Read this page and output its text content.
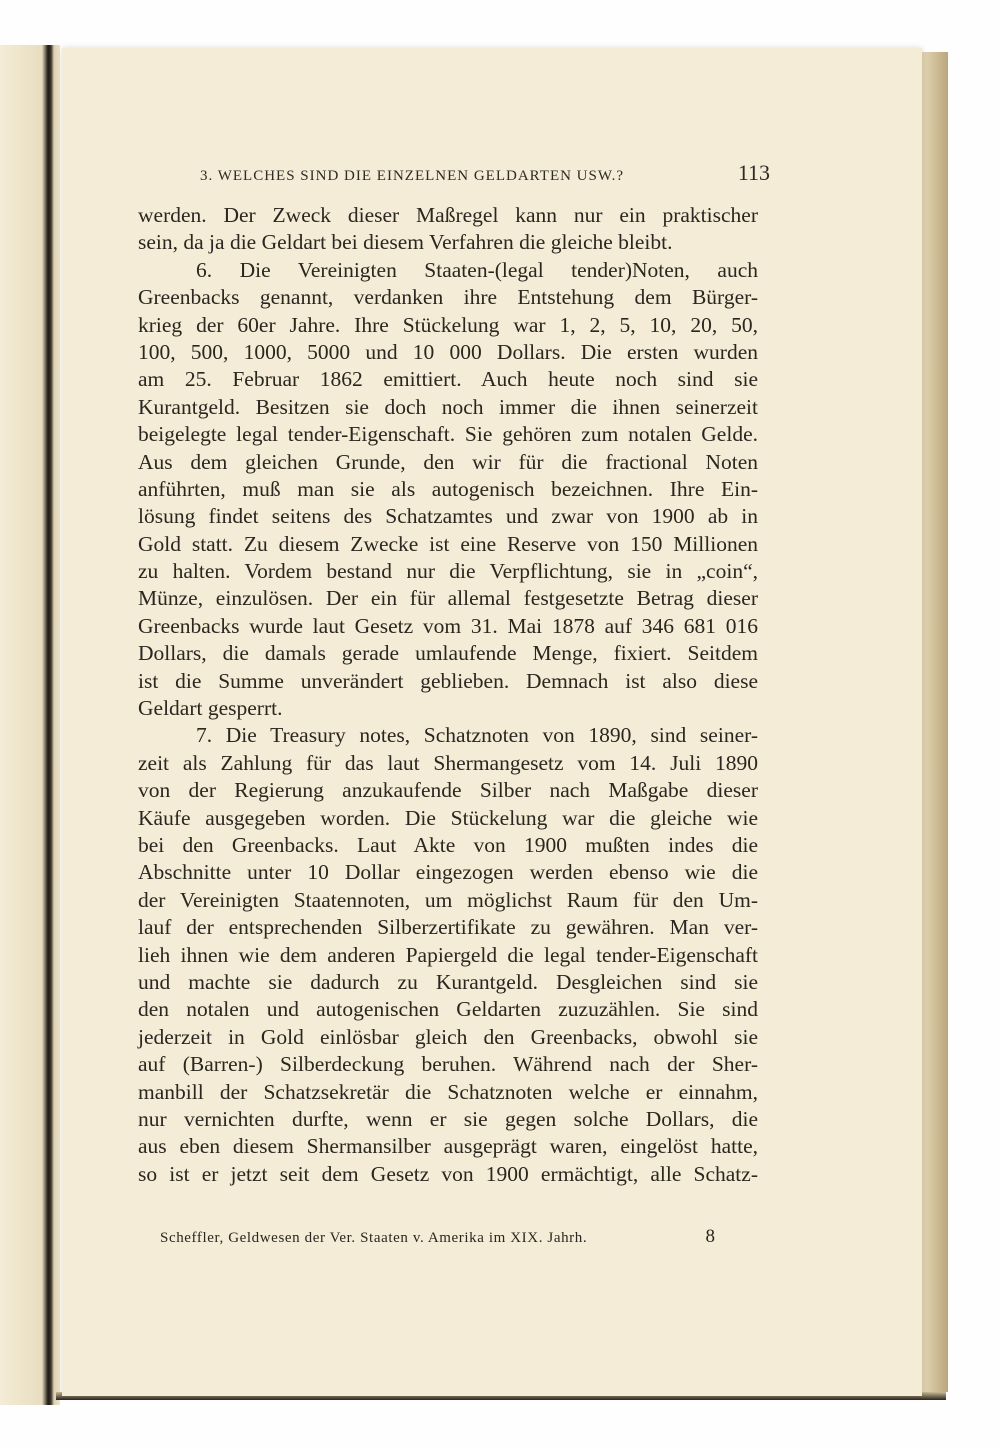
3. WELCHES SIND DIE EINZELNEN GELDARTEN USW.?	113
werden. Der Zweck dieser Maßregel kann nur ein praktischer
sein, da ja die Geldart bei diesem Verfahren die gleiche bleibt.
6. Die Vereinigten Staaten-(legal tender)Noten, auch
Greenbacks genannt, verdanken ihre Entstehung dem Bürger-
krieg der 60er Jahre. Ihre Stückelung war 1, 2, 5, 10, 20, 50,
100, 500, 1000, 5000 und 10 000 Dollars. Die ersten wurden
am 25. Februar 1862 emittiert. Auch heute noch sind sie
Kurantgeld. Besitzen sie doch noch immer die ihnen seinerzeit
beigelegte legal tender-Eigenschaft. Sie gehören zum notalen Gelde.
Aus dem gleichen Grunde, den wir für die fractional Noten
anführten, muß man sie als autogenisch bezeichnen. Ihre Ein-
lösung findet seitens des Schatzamtes und zwar von 1900 ab in
Gold statt. Zu diesem Zwecke ist eine Reserve von 150 Millionen
zu halten. Vordem bestand nur die Verpflichtung, sie in „coin“,
Münze, einzulösen. Der ein für allemal festgesetzte Betrag dieser
Greenbacks wurde laut Gesetz vom 31. Mai 1878 auf 346 681 016
Dollars, die damals gerade umlaufende Menge, fixiert. Seitdem
ist die Summe unverändert geblieben. Demnach ist also diese
Geldart gesperrt.
7. Die Treasury notes, Schatznoten von 1890, sind seiner-
zeit als Zahlung für das laut Shermangesetz vom 14. Juli 1890
von der Regierung anzukaufende Silber nach Maßgabe dieser
Käufe ausgegeben worden. Die Stückelung war die gleiche wie
bei den Greenbacks. Laut Akte von 1900 mußten indes die
Abschnitte unter 10 Dollar eingezogen werden ebenso wie die
der Vereinigten Staatennoten, um möglichst Raum für den Um-
lauf der entsprechenden Silberzertifikate zu gewähren. Man ver-
lieh ihnen wie dem anderen Papiergeld die legal tender-Eigenschaft
und machte sie dadurch zu Kurantgeld. Desgleichen sind sie
den notalen und autogenischen Geldarten zuzuzählen. Sie sind
jederzeit in Gold einlösbar gleich den Greenbacks, obwohl sie
auf (Barren-) Silberdeckung beruhen. Während nach der Sher-
manbill der Schatzsekretär die Schatznoten welche er einnahm,
nur vernichten durfte, wenn er sie gegen solche Dollars, die
aus eben diesem Shermansilber ausgeprägt waren, eingelöst hatte,
so ist er jetzt seit dem Gesetz von 1900 ermächtigt, alle Schatz-
Scheffler, Geldwesen der Ver. Staaten v. Amerika im XIX. Jahrh.	8
